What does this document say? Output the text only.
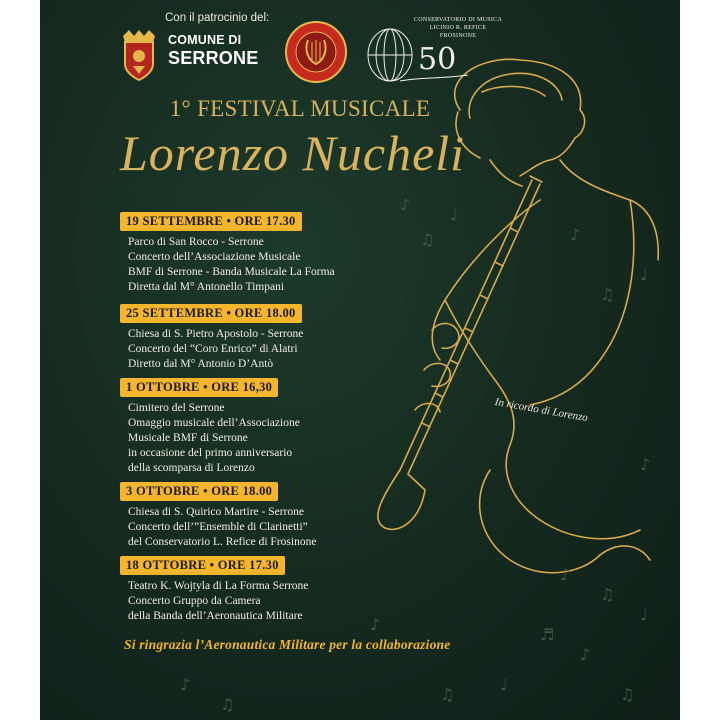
♪
♫
♩
♪
♫
♩
♪
♫
♩
♪
♫
♪
♫
♩
♬
♪
♫
♪
Con il patrocinio del:
COMUNE DI
SERRONE	50
CONSERVATORIO DI MUSICA
LICINIO R. REFICE
FROSINONE
1° FESTIVAL MUSICALE
Lorenzo Nucheli
19 SETTEMBRE • ORE 17.30
Parco di San Rocco - Serrone
Concerto dell’Associazione Musicale
BMF di Serrone - Banda Musicale La Forma
Diretta dal M° Antonello Timpani
25 SETTEMBRE • ORE 18.00
Chiesa di S. Pietro Apostolo - Serrone
Concerto del “Coro Enrico” di Alatri
Diretto dal M° Antonio D’Antò
1 OTTOBRE • ORE 16,30
Cimitero del Serrone
Omaggio musicale dell’Associazione
Musicale BMF di Serrone
in occasione del primo anniversario
della scomparsa di Lorenzo
3 OTTOBRE • ORE 18.00
Chiesa di S. Quirico Martire - Serrone
Concerto dell’”Ensemble di Clarinetti”
del Conservatorio L. Refice di Frosinone
18 OTTOBRE • ORE 17.30
Teatro K. Wojtyla di La Forma Serrone
Concerto Gruppo da Camera
della Banda dell’Aeronautica Militare
In ricordo di Lorenzo
Si ringrazia l’Aeronautica Militare per la collaborazione
